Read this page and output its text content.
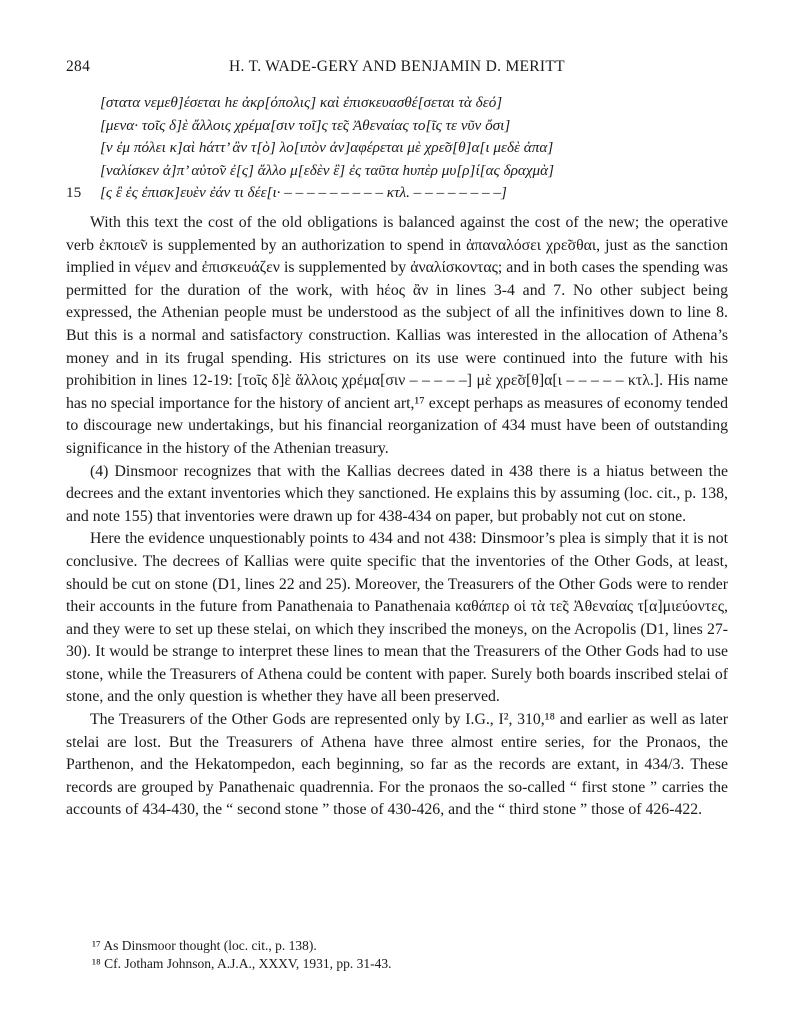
284	H. T. WADE-GERY AND BENJAMIN D. MERITT
[στατα νεμεθ]έσεται hε ἀκρ[όπολις] καὶ ἐπισκευασθέ[σεται τὰ δεό]
[μενα· τοῖς δ]ὲ ἄλλοις χρέμα[σιν τοῖ]ς τε̃ς Ἀθεναίας το[ῖς τε νῦν ὄσι]
[ν ἐμ πόλει κ]αὶ hάττ’ ἂν τ[ὸ] λο[ιπὸν ἀν]αφέρεται μὲ χρε̃σ[θ]α[ι μεδὲ ἀπα]
[ναλίσκεν ἀ]π’ αὐτο̃ν ἐ[ς] ἄλλο μ[εδὲν ἒ] ἐς ταῦτα hυπὲρ μυ[ρ]ί[ας δραχμὰ]
15 [ς ἒ ἐς ἐπισκ]ευὲν ἐάν τι δέε[ι· – – – – – – – – – κτλ. – – – – – – – –]

With this text the cost of the old obligations is balanced against the cost of the new; the operative verb ἐκποιε̃ν is supplemented by an authorization to spend in ἀπαναλόσει χρε̃σθαι, just as the sanction implied in νέμεν and ἐπισκευάζεν is supplemented by ἀναλίσκοντας; and in both cases the spending was permitted for the duration of the work, with hέος ἂν in lines 3-4 and 7. No other subject being expressed, the Athenian people must be understood as the subject of all the infinitives down to line 8. But this is a normal and satisfactory construction. Kallias was interested in the allocation of Athena’s money and in its frugal spending. His strictures on its use were continued into the future with his prohibition in lines 12-19: [τοῖς δ]ὲ ἄλλοις χρέμα[σιν – – – – –] μὲ χρε̃σ[θ]α[ι – – – – – κτλ.]. His name has no special importance for the history of ancient art,¹⁷ except perhaps as measures of economy tended to discourage new undertakings, but his financial reorganization of 434 must have been of outstanding significance in the history of the Athenian treasury.

(4) Dinsmoor recognizes that with the Kallias decrees dated in 438 there is a hiatus between the decrees and the extant inventories which they sanctioned. He explains this by assuming (loc. cit., p. 138, and note 155) that inventories were drawn up for 438-434 on paper, but probably not cut on stone.

Here the evidence unquestionably points to 434 and not 438: Dinsmoor’s plea is simply that it is not conclusive. The decrees of Kallias were quite specific that the inventories of the Other Gods, at least, should be cut on stone (D1, lines 22 and 25). Moreover, the Treasurers of the Other Gods were to render their accounts in the future from Panathenaia to Panathenaia καθάπερ οἱ τὰ τε̃ς Ἀθεναίας τ[α]μιεύοντες, and they were to set up these stelai, on which they inscribed the moneys, on the Acropolis (D1, lines 27-30). It would be strange to interpret these lines to mean that the Treasurers of the Other Gods had to use stone, while the Treasurers of Athena could be content with paper. Surely both boards inscribed stelai of stone, and the only question is whether they have all been preserved.

The Treasurers of the Other Gods are represented only by I.G., I², 310,¹⁸ and earlier as well as later stelai are lost. But the Treasurers of Athena have three almost entire series, for the Pronaos, the Parthenon, and the Hekatompedon, each beginning, so far as the records are extant, in 434/3. These records are grouped by Panathenaic quadrennia. For the pronaos the so-called “ first stone ” carries the accounts of 434-430, the “ second stone ” those of 430-426, and the “ third stone ” those of 426-422.

¹⁷ As Dinsmoor thought (loc. cit., p. 138).

¹⁸ Cf. Jotham Johnson, A.J.A., XXXV, 1931, pp. 31-43.
